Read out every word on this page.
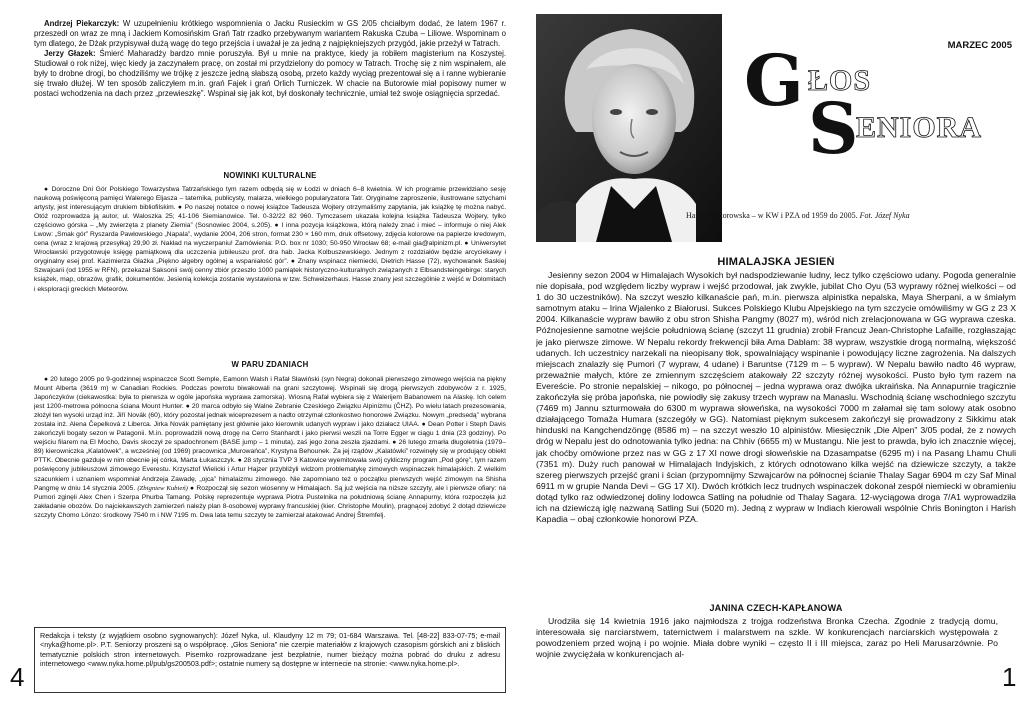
Andrzej Piekarczyk: W uzupełnieniu krótkiego wspomnienia o Jacku Rusieckim w GS 2/05 chciałbym dodać, że latem 1967 r. przeszedł on wraz ze mną i Jackiem Komosińskim Grań Tatr rzadko przebywanym wariantem Rakuska Czuba – Liliowe. Wspominam o tym dlatego, że Dżak przypisywał dużą wagę do tego przejścia i uważał je za jedną z najpiękniejszych przygód, jakie przeżył w Tatrach.

Jerzy Głazek: Śmierć Maharadży bardzo mnie poruszyła. Był u mnie na praktyce, kiedy ja robiłem magisterium na Koszystej. Studiował o rok niżej, więc kiedy ja zaczynałem pracę, on został mi przydzielony do pomocy w Tatrach. Trochę się z nim wspinałem, ale były to drobne drogi, bo chodziliśmy we trójkę z jeszcze jedną słabszą osobą, przeto każdy wyciąg prezentował się a i ranne wybieranie się trwało dłużej. W ten sposób zaliczyłem m.in. grań Fajek i grań Orlich Turniczek. W chacie na Butorowie miał popisowy numer w postaci wchodzenia na dach przez „przewieszkę”. Wspinał się jak kot, był doskonały technicznie, umiał też swoje osiągnięcia sprzedać.

NOWINKI KULTURALNE

● Doroczne Dni Gór Polskiego Towarzystwa Tatrzańskiego tym razem odbędą się w Łodzi w dniach 6–8 kwietnia. W ich programie przewidziano sesję naukową poświęconą pamięci Walerego Eljasza – taternika, publicysty, malarza, wielkiego popularyzatora Tatr. Oryginalne zaproszenie, ilustrowane sztychami artysty, jest interesującym drukiem bibliofilskim. ● Po naszej notatce o nowej książce Tadeusza Wojtery otrzymaliśmy zapytania, jak książkę tę można nabyć. Otóż rozprowadza ją autor, ul. Waloszka 25; 41-106 Siemianowice. Tel. 0-32/22 82 960. Tymczasem ukazała kolejna książka Tadeusza Wojtery, tylko częściowo górska – „My zwierzęta z planety Ziemia” (Sosnowiec 2004, s.205). ● I inna pozycja książkowa, którą należy znać i mieć – informuje o niej Alek Lwow: „Smak gór” Ryszarda Pawłowskiego „Napala”, wydanie 2004, 206 stron, format 230 × 160 mm, druk offsetowy, zdjęcia kolorowe na papierze kredowym, cena (wraz z krajową przesyłką) 29,90 zł. Nakład na wyczerpaniu! Zamówienia: P.O. box nr 1030; 50-950 Wrocław 68; e-mail gia@alpinizm.pl. ● Uniwersytet Wrocławski przygotowuje księgę pamiątkową dla uczczenia jubileuszu prof. dra hab. Jacka Kolbuszewskiego. Jednym z rozdziałów będzie arcyciekawy i oryginalny esej prof. Kazimierza Głażka „Piękno algebry ogólnej a wspaniałość gór”. ● Znany wspinacz niemiecki, Dietrich Hasse (72), wychowanek Saskiej Szwajcarii (od 1955 w RFN), przekazał Saksonii swój cenny zbiór przeszło 1000 pamiątek historyczno-kulturalnych związanych z Elbsandsteingebirge: starych książek, map, obrazów, grafik, dokumentów. Jesienią kolekcja zostanie wystawiona w tzw. Schweizerhaus. Hasse znany jest szczególnie z wejść w Dolomitach i eksploracji greckich Meteorów.

W PARU ZDANIACH

● 20 lutego 2005 po 9-godzinnej wspinaczce Scott Semple, Eamonn Walsh i Rafał Sławiński (syn Negra) dokonali pierwszego zimowego wejścia na piękny Mount Alberta (3619 m) w Canadian Rockies. Podczas powrotu biwakowali na grani szczytowej. Wspinali się drogą pierwszych zdobywców z r. 1925, Japończyków (ciekawostka: była to pierwsza w ogóle japońska wyprawa zamorska). Wiosną Rafał wybiera się z Walerijem Babanowem na Alaskę. Ich celem jest 1200-metrowa północna ściana Mount Hunter. ● 20 marca odbyło się Walne Zebranie Czeskiego Związku Alpinizmu (ČHZ). Po wielu latach prezesowania, złożył ten wysoki urząd inż. Jiří Novák (60), który pozostał jednak wiceprezesem a nadto otrzymał członkostwo honorowe Związku. Nowym „predsedą” wybrana została inż. Alena Čepelková z Liberca. Jirka Novák pamiętany jest głównie jako kierownik udanych wypraw i jako działacz UIAA. ● Dean Potter i Steph Davis zakończyli bogaty sezon w Patagonii. M.in. poprowadzili nową drogę na Cerro Stanhardt i jako pierwsi weszli na Torre Egger w ciągu 1 dnia (23 godziny). Po wejściu filarem na El Mocho, Davis skoczył ze spadochronem (BASE jump – 1 minuta), zaś jego żona zeszła zjazdami. ● 26 lutego zmarła długoletnia (1979–89) kierowniczka „Kalatówek”, a wcześniej (od 1969) pracownica „Murowańca”, Krystyna Behounek. Za jej rządów „Kalatówki” rozwinęły się w produjący obiekt PTTK. Obecnie gazduje w nim obecnie jej córka, Marta Łukaszczyk. ● 28 stycznia TVP 3 Katowice wyemitowała swój cykliczny program „Pod górę”, tym razem poświęcony jubileuszowi zimowego Everestu. Krzysztof Wielicki i Artur Hajzer przybliżyli widzom problematykę zimowych wspinaczek himalajskich. Z wielkim szacunkiem i uznaniem wspomniał Andrzeja Zawadę, „ojca” himalaizmu zimowego. Nie zapomniano też o początku pierwszych wejść zimowym na Shisha Pangmę w dniu 14 stycznia 2005. (Zbigniew Kubień) ● Rozpoczął się sezon wiosenny w Himalajach. Są już wejścia na niższe szczyty, ale i pierwsze ofiary: na Pumori zginęli Alex Chen i Szerpa Phurba Tamang. Polskę reprezentuje wyprawa Piotra Pustelnika na południową ścianę Annapurny, która rozpoczęła już zakładanie obozów. Do najciekawszych zamierzeń należy plan 8-osobowej wyprawy francuskiej (kier. Christophe Moulin), pragnącej zdobyć 2 dotąd dziewicze szczyty Chomo Lönzo: środkowy 7540 m i NW 7195 m. Dwa lata temu szczyty te zamierzał atakować Andrej Štremfelj.

Redakcja i teksty (z wyjątkiem osobno sygnowanych): Józef Nyka, ul. Klaudyny 12 m 79; 01-684 Warszawa. Tel. [48-22] 833-07-75; e-mail <nyka@home.pl>. P.T. Seniorzy proszeni są o współpracę. „Głos Seniora” nie czerpie materiałów z krajowych czasopism górskich ani z bliskich tematycznie polskich stron internetowych. Pisemko rozprowadzane jest bezpłatnie, numer bieżący można pobrać do druku z adresu internetowego <www.nyka.home.pl/pub/gs200503.pdf>; ostatnie numery są dostępne w internecie na stronie: <www.nyka.home.pl>.

4
MARZEC 2005
G ŁOS
S
ENIORA
Hania Wiktorowska – w KW i PZA od 1959 do 2005. Fot. Józef Nyka
HIMALAJSKA JESIEŃ

Jesienny sezon 2004 w Himalajach Wysokich był nadspodziewanie ludny, lecz tylko częściowo udany. Pogoda generalnie nie dopisała, pod względem liczby wypraw i wejść przodował, jak zwykle, jubilat Cho Oyu (53 wyprawy różnej wielkości – od 1 do 30 uczestników). Na szczyt weszło kilkanaście pań, m.in. pierwsza alpinistka nepalska, Maya Sherpani, a w śmiałym samotnym ataku – Irina Wjalenko z Białorusi. Sukces Polskiego Klubu Alpejskiego na tym szczycie omówiliśmy w GG z 23 X 2004. Kilkanaście wypraw bawiło z obu stron Shisha Pangmy (8027 m), wśród nich zrelacjonowana w GG wyprawa czeska. Późnojesienne samotne wejście południową ścianę (szczyt 11 grudnia) zrobił Francuz Jean-Christophe Lafaille, rozgłaszając je jako pierwsze zimowe. W Nepalu rekordy frekwencji biła Ama Dablam: 38 wypraw, wszystkie drogą normalną, większość udanych. Ich uczestnicy narzekali na nieopisany tłok, spowalniający wspinanie i powodujący liczne zagrożenia. Na dalszych miejscach znalazły się Pumori (7 wypraw, 4 udane) i Baruntse (7129 m – 5 wypraw). W Nepalu bawiło nadto 46 wypraw, przeważnie małych, które ze zmiennym szczęściem atakowały 22 szczyty różnej wysokości. Pusto było tym razem na Evereście. Po stronie nepalskiej – nikogo, po północnej – jedna wyprawa oraz dwójka ukraińska. Na Annapurnie tragicznie zakończyła się próba japońska, nie powiodły się zakusy trzech wypraw na Manaslu. Wschodnią ścianę wschodniego szczytu (7469 m) Jannu szturmowała do 6300 m wyprawa słoweńska, na wysokości 7000 m załamał się tam solowy atak osobno działającego Tomaža Humara (szczegóły w GG). Natomiast pięknym sukcesem zakończył się prowadzony z Sikkimu atak hinduski na Kangchendzöngę (8586 m) – na szczyt weszło 10 alpinistów. Miesięcznik „Die Alpen” 3/05 podał, że z nowych dróg w Nepalu jest do odnotowania tylko jedna: na Chhiv (6655 m) w Mustangu. Nie jest to prawda, było ich znacznie więcej, jak choćby omówione przez nas w GG z 17 XI nowe drogi słoweńskie na Dzasampatse (6295 m) i na Pasang Lhamu Chuli (7351 m). Duży ruch panował w Himalajach Indyjskich, z których odnotowano kilka wejść na dziewicze szczyty, a także szereg pierwszych przejść grani i ścian (przypomnijmy Szwajcarów na północnej ścianie Thalay Sagar 6904 m czy Saf Minal 6911 m w grupie Nanda Devi – GG 17 XI). Dwóch krótkich lecz trudnych wspinaczek dokonał zespół niemiecki w obramieniu dotąd tylko raz odwiedzonej doliny lodowca Satling na południe od Thalay Sagara. 12-wyciągowa droga 7/A1 wyprowadziła ich na dziewiczą iglę nazwaną Satling Sui (5020 m). Jedną z wypraw w Indiach kierowali wspólnie Chris Bonington i Harish Kapadia – obaj członkowie honorowi PZA.

JANINA CZECH-KAPŁANOWA

Urodziła się 14 kwietnia 1916 jako najmłodsza z trojga rodzeństwa Bronka Czecha. Zgodnie z tradycją domu, interesowała się narciarstwem, taternictwem i malarstwem na szkle. W konkurencjach narciarskich występowała z powodzeniem przed wojną i po wojnie. Miała dobre wyniki – często II i III miejsca, zaraz po Heli Marusarzównie. Po wojnie zwyciężała w konkurencjach al-

1
